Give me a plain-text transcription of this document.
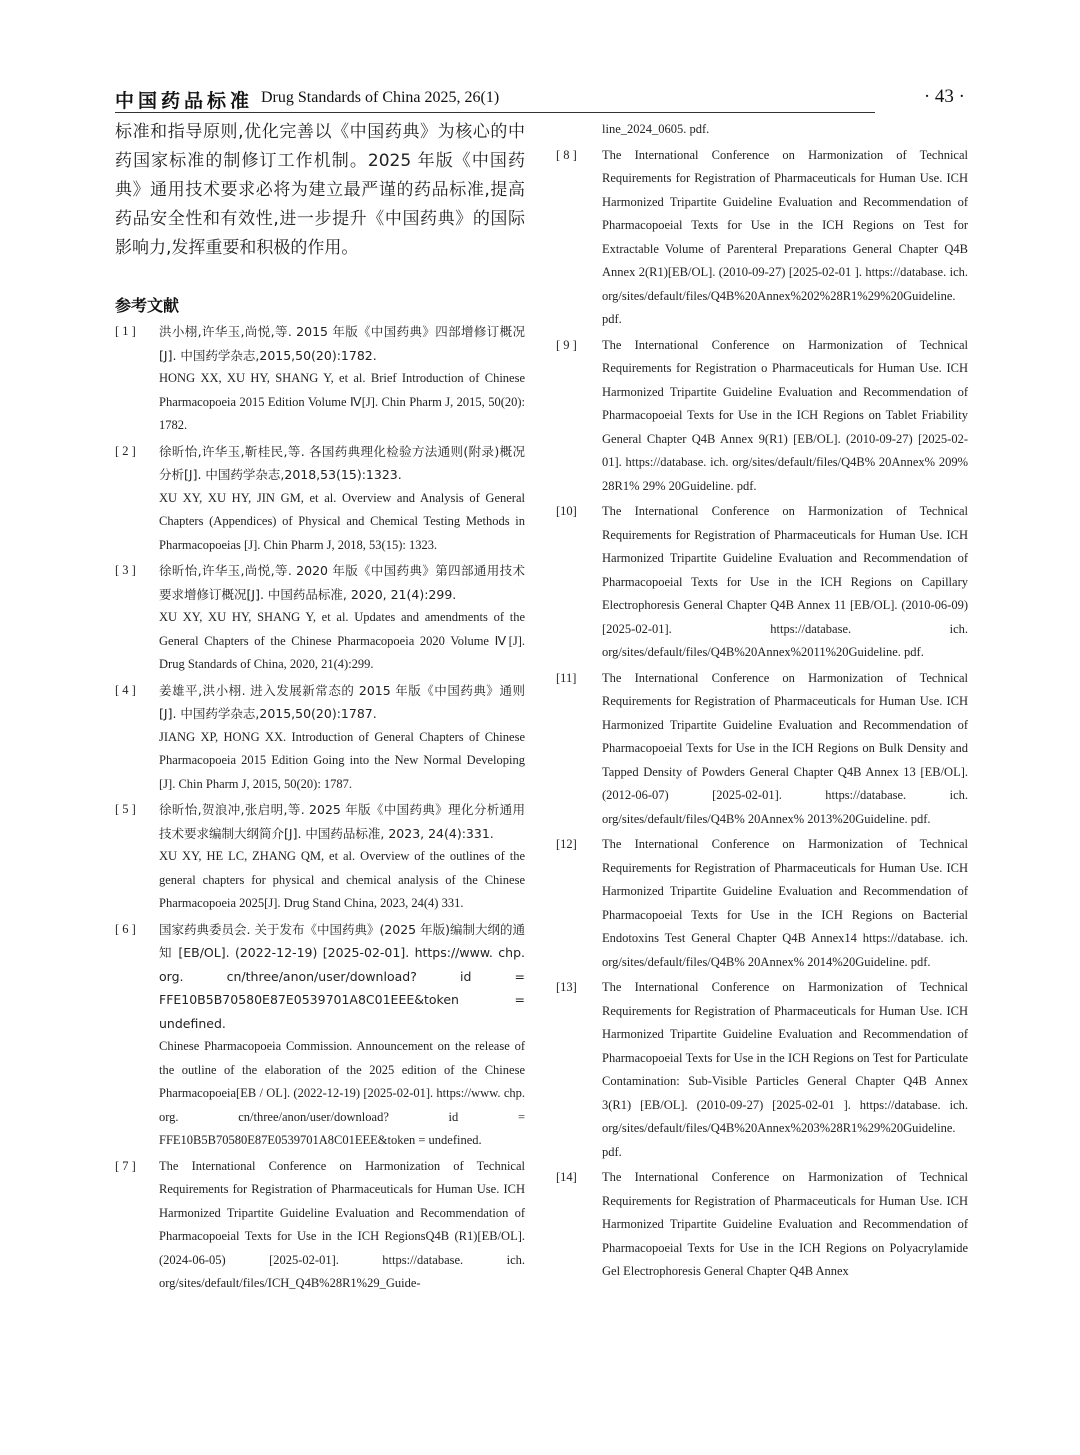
中国药品标准 Drug Standards of China 2025, 26(1)	· 43 ·

标准和指导原则,优化完善以《中国药典》为核心的中药国家标准的制修订工作机制。2025 年版《中国药典》通用技术要求必将为建立最严谨的药品标准,提高药品安全性和有效性,进一步提升《中国药典》的国际影响力,发挥重要和积极的作用。

参考文献
[ 1 ]	洪小栩,许华玉,尚悦,等. 2015 年版《中国药典》四部增修订概况[J]. 中国药学杂志,2015,50(20):1782.

HONG XX, XU HY, SHANG Y, et al. Brief Introduction of Chinese Pharmacopoeia 2015 Edition Volume Ⅳ[J]. Chin Pharm J, 2015, 50(20): 1782.

[ 2 ]	徐昕怡,许华玉,靳桂民,等. 各国药典理化检验方法通则(附录)概况分析[J]. 中国药学杂志,2018,53(15):1323.

XU XY, XU HY, JIN GM, et al. Overview and Analysis of General Chapters (Appendices) of Physical and Chemical Testing Methods in Pharmacopoeias [J]. Chin Pharm J, 2018, 53(15): 1323.

[ 3 ]	徐昕怡,许华玉,尚悦,等. 2020 年版《中国药典》第四部通用技术要求增修订概况[J]. 中国药品标准, 2020, 21(4):299.

XU XY, XU HY, SHANG Y, et al. Updates and amendments of the General Chapters of the Chinese Pharmacopoeia 2020 Volume Ⅳ[J]. Drug Standards of China, 2020, 21(4):299.

[ 4 ]	姜雄平,洪小栩. 进入发展新常态的 2015 年版《中国药典》通则[J]. 中国药学杂志,2015,50(20):1787.

JIANG XP, HONG XX. Introduction of General Chapters of Chinese Pharmacopoeia 2015 Edition Going into the New Normal Developing [J]. Chin Pharm J, 2015, 50(20): 1787.

[ 5 ]	徐昕怡,贺浪冲,张启明,等. 2025 年版《中国药典》理化分析通用技术要求编制大纲简介[J]. 中国药品标准, 2023, 24(4):331.

XU XY, HE LC, ZHANG QM, et al. Overview of the outlines of the general chapters for physical and chemical analysis of the Chinese Pharmacopoeia 2025[J]. Drug Stand China, 2023, 24(4) 331.

[ 6 ]	国家药典委员会. 关于发布《中国药典》(2025 年版)编制大纲的通知 [EB/OL]. (2022-12-19) [2025-02-01]. https://www. chp. org. cn/three/anon/user/download? id = FFE10B5B70580E87E0539701A8C01EEE&token = undefined.

Chinese Pharmacopoeia Commission. Announcement on the release of the outline of the elaboration of the 2025 edition of the Chinese Pharmacopoeia[EB / OL]. (2022-12-19) [2025-02-01]. https://www. chp. org. cn/three/anon/user/download? id = FFE10B5B70580E87E0539701A8C01EEE&token = undefined.

[ 7 ]	The International Conference on Harmonization of Technical Requirements for Registration of Pharmaceuticals for Human Use. ICH Harmonized Tripartite Guideline Evaluation and Recommendation of Pharmacopoeial Texts for Use in the ICH RegionsQ4B (R1)[EB/OL]. (2024-06-05) [2025-02-01]. https://database. ich. org/sites/default/files/ICH_Q4B%28R1%29_Guide-

line_2024_0605. pdf.

[ 8 ]	The International Conference on Harmonization of Technical Requirements for Registration of Pharmaceuticals for Human Use. ICH Harmonized Tripartite Guideline Evaluation and Recommendation of Pharmacopoeial Texts for Use in the ICH Regions on Test for Extractable Volume of Parenteral Preparations General Chapter Q4B Annex 2(R1)[EB/OL]. (2010-09-27) [2025-02-01 ]. https://database. ich. org/sites/default/files/Q4B%20Annex%202%28R1%29%20Guideline. pdf.

[ 9 ]	The International Conference on Harmonization of Technical Requirements for Registration o Pharmaceuticals for Human Use. ICH Harmonized Tripartite Guideline Evaluation and Recommendation of Pharmacopoeial Texts for Use in the ICH Regions on Tablet Friability General Chapter Q4B Annex 9(R1) [EB/OL]. (2010-09-27) [2025-02-01]. https://database. ich. org/sites/default/files/Q4B% 20Annex% 209% 28R1% 29% 20Guideline. pdf.

[10]	The International Conference on Harmonization of Technical Requirements for Registration of Pharmaceuticals for Human Use. ICH Harmonized Tripartite Guideline Evaluation and Recommendation of Pharmacopoeial Texts for Use in the ICH Regions on Capillary Electrophoresis General Chapter Q4B Annex 11 [EB/OL]. (2010-06-09) [2025-02-01]. https://database. ich. org/sites/default/files/Q4B%20Annex%2011%20Guideline. pdf.

[11]	The International Conference on Harmonization of Technical Requirements for Registration of Pharmaceuticals for Human Use. ICH Harmonized Tripartite Guideline Evaluation and Recommendation of Pharmacopoeial Texts for Use in the ICH Regions on Bulk Density and Tapped Density of Powders General Chapter Q4B Annex 13 [EB/OL]. (2012-06-07) [2025-02-01]. https://database. ich. org/sites/default/files/Q4B% 20Annex% 2013%20Guideline. pdf.

[12]	The International Conference on Harmonization of Technical Requirements for Registration of Pharmaceuticals for Human Use. ICH Harmonized Tripartite Guideline Evaluation and Recommendation of Pharmacopoeial Texts for Use in the ICH Regions on Bacterial Endotoxins Test General Chapter Q4B Annex14 https://database. ich. org/sites/default/files/Q4B% 20Annex% 2014%20Guideline. pdf.

[13]	The International Conference on Harmonization of Technical Requirements for Registration of Pharmaceuticals for Human Use. ICH Harmonized Tripartite Guideline Evaluation and Recommendation of Pharmacopoeial Texts for Use in the ICH Regions on Test for Particulate Contamination: Sub-Visible Particles General Chapter Q4B Annex 3(R1) [EB/OL]. (2010-09-27) [2025-02-01 ]. https://database. ich. org/sites/default/files/Q4B%20Annex%203%28R1%29%20Guideline. pdf.

[14]	The International Conference on Harmonization of Technical Requirements for Registration of Pharmaceuticals for Human Use. ICH Harmonized Tripartite Guideline Evaluation and Recommendation of Pharmacopoeial Texts for Use in the ICH Regions on Polyacrylamide Gel Electrophoresis General Chapter Q4B Annex
